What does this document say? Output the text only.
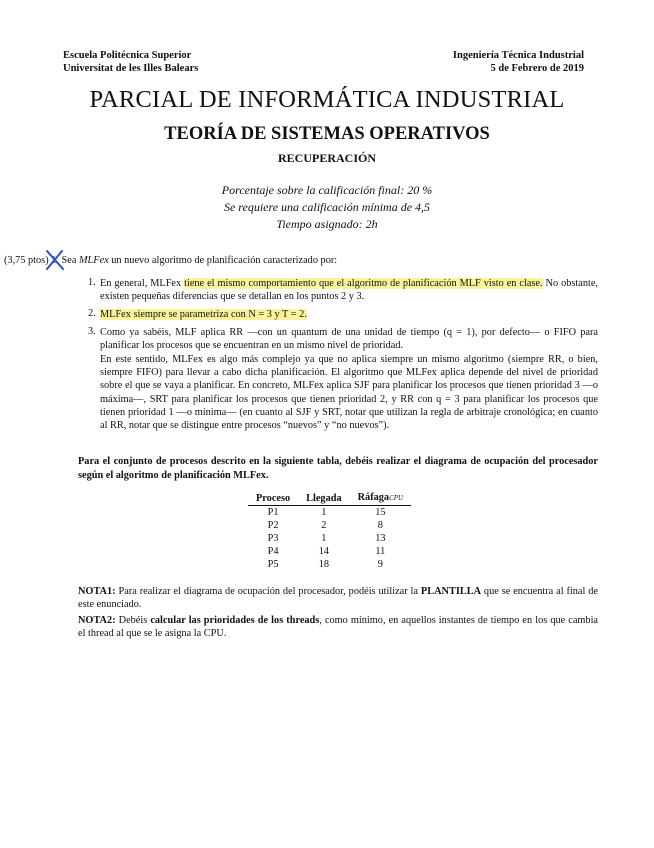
Escuela Politécnica Superior
Universitat de les Illes Balears
Ingeniería Técnica Industrial
5 de Febrero de 2019
PARCIAL DE INFORMÁTICA INDUSTRIAL
TEORÍA DE SISTEMAS OPERATIVOS
RECUPERACIÓN
Porcentaje sobre la calificación final: 20 %
Se requiere una calificación mínima de 4,5
Tiempo asignado: 2h
(3,75 ptos) 1. Sea MLFex un nuevo algoritmo de planificación caracterizado por:
1. En general, MLFex tiene el mismo comportamiento que el algoritmo de planificación MLF visto en clase. No obstante, existen pequeñas diferencias que se detallan en los puntos 2 y 3.
2. MLFex siempre se parametriza con N = 3 y T = 2.
3. Como ya sabéis, MLF aplica RR —con un quantum de una unidad de tiempo (q = 1), por defecto— o FIFO para planificar los procesos que se encuentran en un mismo nivel de prioridad.
En este sentido, MLFex es algo más complejo ya que no aplica siempre un mismo algoritmo (siempre RR, o bien, siempre FIFO) para llevar a cabo dicha planificación. El algoritmo que MLFex aplica depende del nivel de prioridad sobre el que se vaya a planificar. En concreto, MLFex aplica SJF para planificar los procesos que tienen prioridad 3 —o máxima—, SRT para planificar los procesos que tienen prioridad 2, y RR con q = 3 para planificar los procesos que tienen prioridad 1 —o mínima— (en cuanto al SJF y SRT, notar que utilizan la regla de arbitraje cronológica; en cuanto al RR, notar que se distingue entre procesos “nuevos” y “no nuevos”).
Para el conjunto de procesos descrito en la siguiente tabla, debéis realizar el diagrama de ocupación del procesador según el algoritmo de planificación MLFex.
Proceso	Llegada	RáfagaCPU
P1	1	15
P2	2	8
P3	1	13
P4	14	11
P5	18	9
NOTA1: Para realizar el diagrama de ocupación del procesador, podéis utilizar la PLANTILLA que se encuentra al final de este enunciado.
NOTA2: Debéis calcular las prioridades de los threads, como mínimo, en aquellos instantes de tiempo en los que cambia el thread al que se le asigna la CPU.
